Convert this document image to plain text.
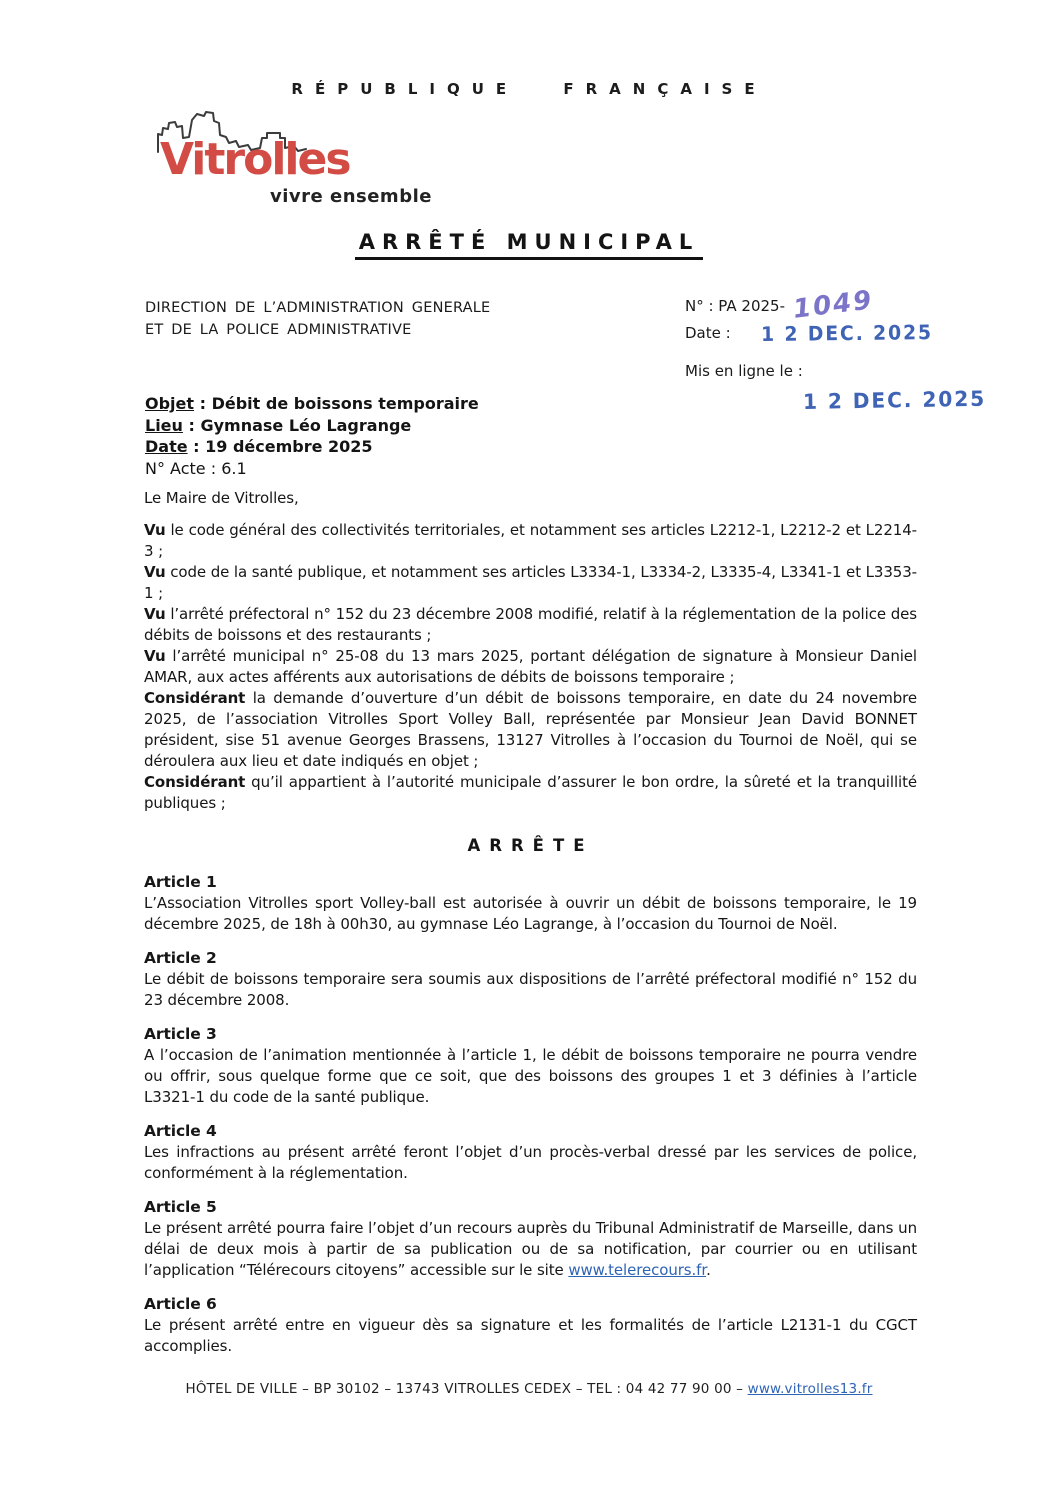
RÉPUBLIQUE FRANÇAISE
Vitrolles
vivre ensemble
ARRÊTÉ MUNICIPAL
DIRECTION DE L’ADMINISTRATION GENERALE
ET DE LA POLICE ADMINISTRATIVE
N° : PA 2025- 1049
Date : 1 2 DEC. 2025
Mis en ligne le :
1 2 DEC. 2025
Objet : Débit de boissons temporaire
Lieu : Gymnase Léo Lagrange
Date : 19 décembre 2025
N° Acte : 6.1

Le Maire de Vitrolles,

Vu le code général des collectivités territoriales, et notamment ses articles L2212-1, L2212-2 et L2214-3 ;

Vu code de la santé publique, et notamment ses articles L3334-1, L3334-2, L3335-4, L3341-1 et L3353-1 ;

Vu l’arrêté préfectoral n° 152 du 23 décembre 2008 modifié, relatif à la réglementation de la police des débits de boissons et des restaurants ;

Vu l’arrêté municipal n° 25-08 du 13 mars 2025, portant délégation de signature à Monsieur Daniel AMAR, aux actes afférents aux autorisations de débits de boissons temporaire ;

Considérant la demande d’ouverture d’un débit de boissons temporaire, en date du 24 novembre 2025, de l’association Vitrolles Sport Volley Ball, représentée par Monsieur Jean David BONNET président, sise 51 avenue Georges Brassens, 13127 Vitrolles à l’occasion du Tournoi de Noël, qui se déroulera aux lieu et date indiqués en objet ;

Considérant qu’il appartient à l’autorité municipale d’assurer le bon ordre, la sûreté et la tranquillité publiques ;

ARRÊTE
Article 1

L’Association Vitrolles sport Volley-ball est autorisée à ouvrir un débit de boissons temporaire, le 19 décembre 2025, de 18h à 00h30, au gymnase Léo Lagrange, à l’occasion du Tournoi de Noël.

Article 2

Le débit de boissons temporaire sera soumis aux dispositions de l’arrêté préfectoral modifié n° 152 du 23 décembre 2008.

Article 3

A l’occasion de l’animation mentionnée à l’article 1, le débit de boissons temporaire ne pourra vendre ou offrir, sous quelque forme que ce soit, que des boissons des groupes 1 et 3 définies à l’article L3321-1 du code de la santé publique.

Article 4

Les infractions au présent arrêté feront l’objet d’un procès-verbal dressé par les services de police, conformément à la réglementation.

Article 5

Le présent arrêté pourra faire l’objet d’un recours auprès du Tribunal Administratif de Marseille, dans un délai de deux mois à partir de sa publication ou de sa notification, par courrier ou en utilisant l’application “Télérecours citoyens” accessible sur le site www.telerecours.fr.

Article 6

Le présent arrêté entre en vigueur dès sa signature et les formalités de l’article L2131-1 du CGCT accomplies.

HÔTEL DE VILLE – BP 30102 – 13743 VITROLLES CEDEX – TEL : 04 42 77 90 00 – www.vitrolles13.fr
